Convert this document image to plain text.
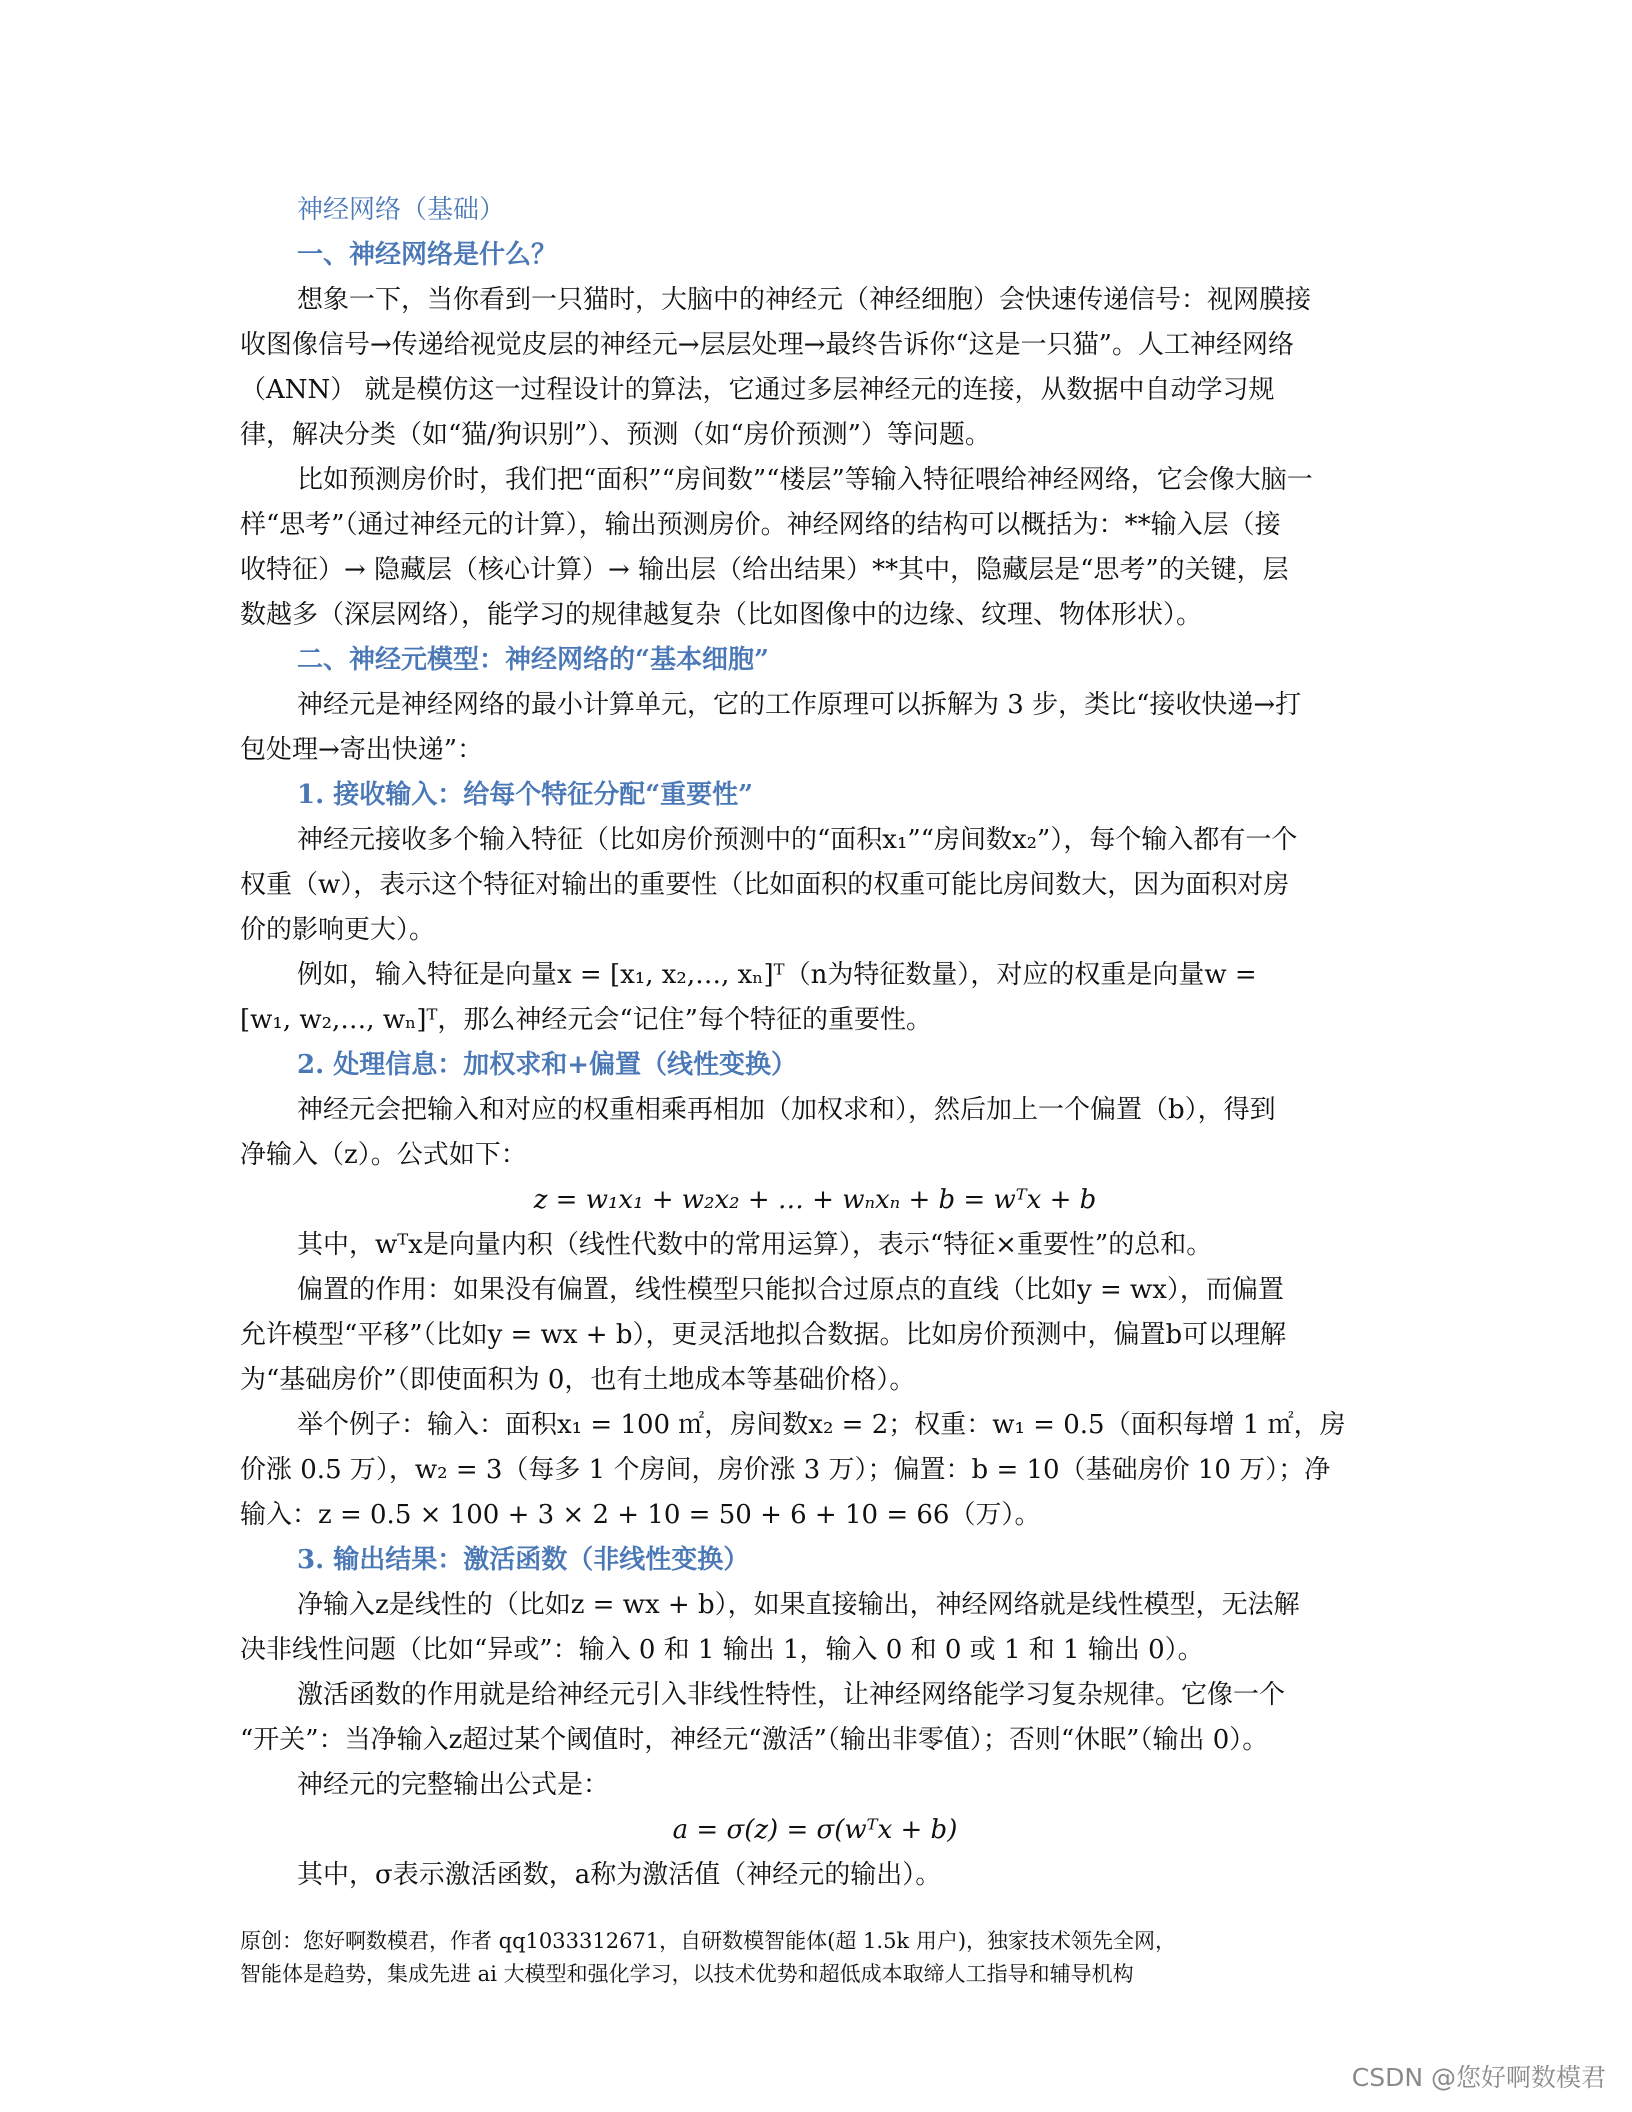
神经网络（基础）
一、神经网络是什么？
想象一下，当你看到一只猫时，大脑中的神经元（神经细胞）会快速传递信号：视网膜接
收图像信号→传递给视觉皮层的神经元→层层处理→最终告诉你“这是一只猫”。人工神经网络
（ANN） 就是模仿这一过程设计的算法，它通过多层神经元的连接，从数据中自动学习规
律，解决分类（如“猫/狗识别”）、预测（如“房价预测”）等问题。
比如预测房价时，我们把“面积”“房间数”“楼层”等输入特征喂给神经网络，它会像大脑一
样“思考”（通过神经元的计算），输出预测房价。神经网络的结构可以概括为：**输入层（接
收特征）→ 隐藏层（核心计算）→ 输出层（给出结果）**其中，隐藏层是“思考”的关键，层
数越多（深层网络），能学习的规律越复杂（比如图像中的边缘、纹理、物体形状）。
二、神经元模型：神经网络的“基本细胞”
神经元是神经网络的最小计算单元，它的工作原理可以拆解为 3 步，类比“接收快递→打
包处理→寄出快递”：
1. 接收输入：给每个特征分配“重要性”
神经元接收多个输入特征（比如房价预测中的“面积x₁”“房间数x₂”），每个输入都有一个
权重（w），表示这个特征对输出的重要性（比如面积的权重可能比房间数大，因为面积对房
价的影响更大）。
例如，输入特征是向量x = [x₁, x₂,…, xₙ]ᵀ（n为特征数量），对应的权重是向量w =
[w₁, w₂,…, wₙ]ᵀ，那么神经元会“记住”每个特征的重要性。
2. 处理信息：加权求和+偏置（线性变换）
神经元会把输入和对应的权重相乘再相加（加权求和），然后加上一个偏置（b），得到
净输入（z）。公式如下：
z = w₁x₁ + w₂x₂ + … + wₙxₙ + b = wᵀx + b
其中，wᵀx是向量内积（线性代数中的常用运算），表示“特征×重要性”的总和。
偏置的作用：如果没有偏置，线性模型只能拟合过原点的直线（比如y = wx），而偏置
允许模型“平移”（比如y = wx + b），更灵活地拟合数据。比如房价预测中，偏置b可以理解
为“基础房价”（即使面积为 0，也有土地成本等基础价格）。
举个例子：输入：面积x₁ = 100 ㎡，房间数x₂ = 2；权重：w₁ = 0.5（面积每增 1 ㎡，房
价涨 0.5 万），w₂ = 3（每多 1 个房间，房价涨 3 万）；偏置：b = 10（基础房价 10 万）；净
输入：z = 0.5 × 100 + 3 × 2 + 10 = 50 + 6 + 10 = 66（万）。
3. 输出结果：激活函数（非线性变换）
净输入z是线性的（比如z = wx + b），如果直接输出，神经网络就是线性模型，无法解
决非线性问题（比如“异或”：输入 0 和 1 输出 1，输入 0 和 0 或 1 和 1 输出 0）。
激活函数的作用就是给神经元引入非线性特性，让神经网络能学习复杂规律。它像一个
“开关”：当净输入z超过某个阈值时，神经元“激活”（输出非零值）；否则“休眠”（输出 0）。
神经元的完整输出公式是：
a = σ(z) = σ(wᵀx + b)
其中，σ表示激活函数，a称为激活值（神经元的输出）。
原创：您好啊数模君，作者 qq1033312671，自研数模智能体(超 1.5k 用户)，独家技术领先全网，
智能体是趋势，集成先进 ai 大模型和强化学习，以技术优势和超低成本取缔人工指导和辅导机构
CSDN @您好啊数模君
